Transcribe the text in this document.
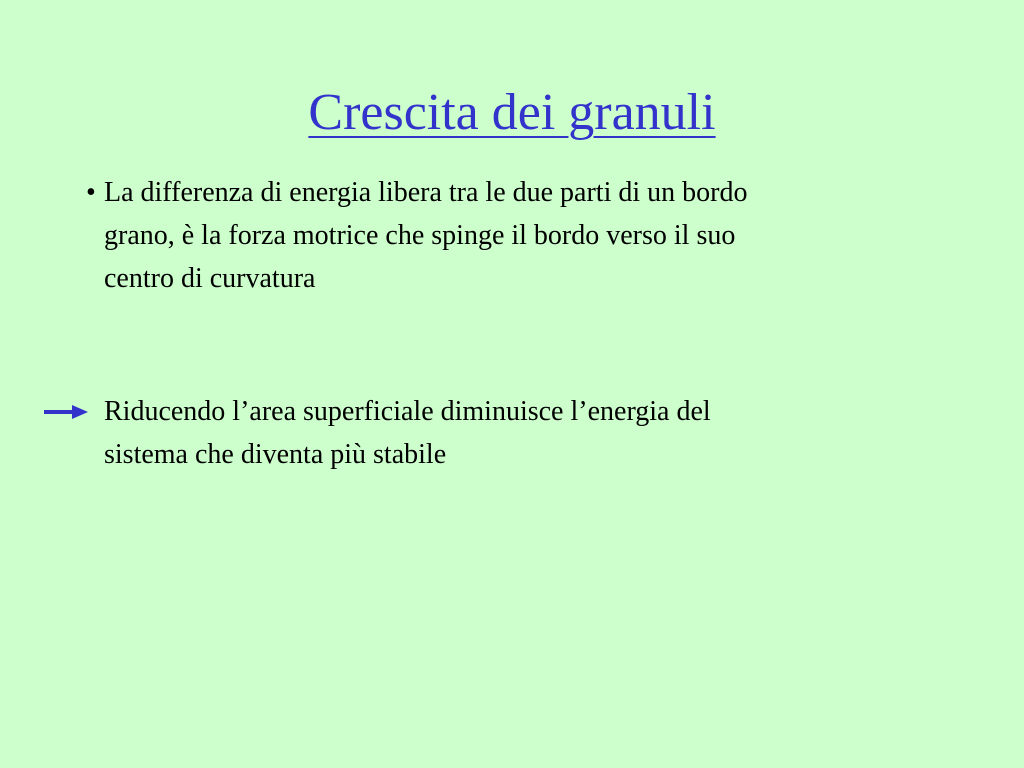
Crescita dei granuli
• La differenza di energia libera tra le due parti di un bordo
grano, è la forza motrice che spinge il bordo verso il suo
centro di curvatura
Riducendo l’area superficiale diminuisce l’energia del
sistema che diventa più stabile
